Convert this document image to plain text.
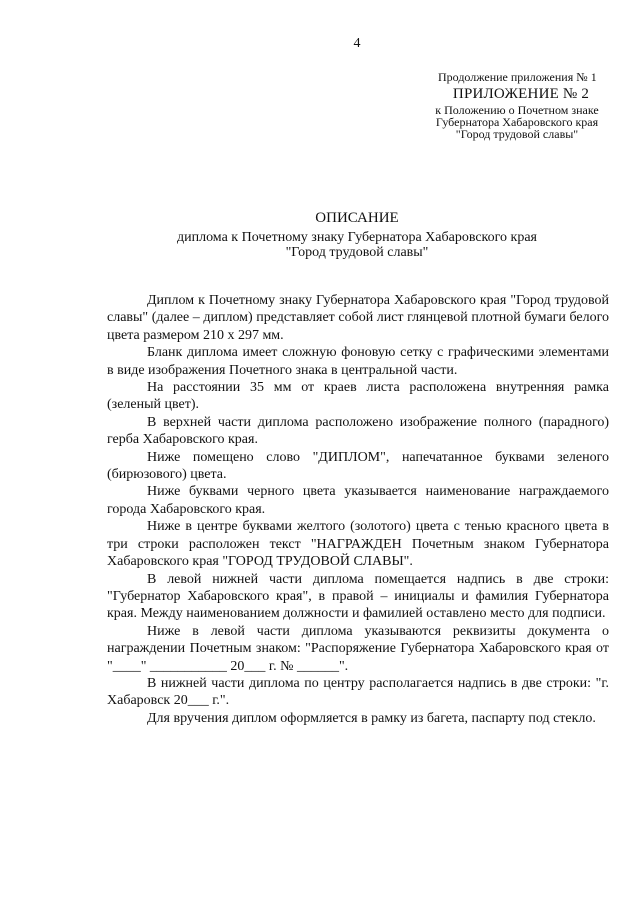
4
Продолжение приложения № 1
ПРИЛОЖЕНИЕ № 2
к Положению о Почетном знаке
Губернатора Хабаровского края
"Город трудовой славы"
ОПИСАНИЕ
диплома к Почетному знаку Губернатора Хабаровского края
"Город трудовой славы"

Диплом к Почетному знаку Губернатора Хабаровского края "Город трудовой славы" (далее – диплом) представляет собой лист глянцевой плотной бумаги белого цвета размером 210 х 297 мм.

Бланк диплома имеет сложную фоновую сетку с графическими элементами в виде изображения Почетного знака в центральной части.

На расстоянии 35 мм от краев листа расположена внутренняя рамка (зеленый цвет).

В верхней части диплома расположено изображение полного (парадного) герба Хабаровского края.

Ниже помещено слово "ДИПЛОМ", напечатанное буквами зеленого (бирюзового) цвета.

Ниже буквами черного цвета указывается наименование награждаемого города Хабаровского края.

Ниже в центре буквами желтого (золотого) цвета с тенью красного цвета в три строки расположен текст "НАГРАЖДЕН Почетным знаком Губернатора Хабаровского края "ГОРОД ТРУДОВОЙ СЛАВЫ".

В левой нижней части диплома помещается надпись в две строки: "Губернатор Хабаровского края", в правой – инициалы и фамилия Губернатора края. Между наименованием должности и фамилией оставлено место для подписи.

Ниже в левой части диплома указываются реквизиты документа о награждении Почетным знаком: "Распоряжение Губернатора Хабаровского края от "____" ___________ 20___ г. № ______".

В нижней части диплома по центру располагается надпись в две строки: "г. Хабаровск 20___ г.".

Для вручения диплом оформляется в рамку из багета, паспарту под стекло.
